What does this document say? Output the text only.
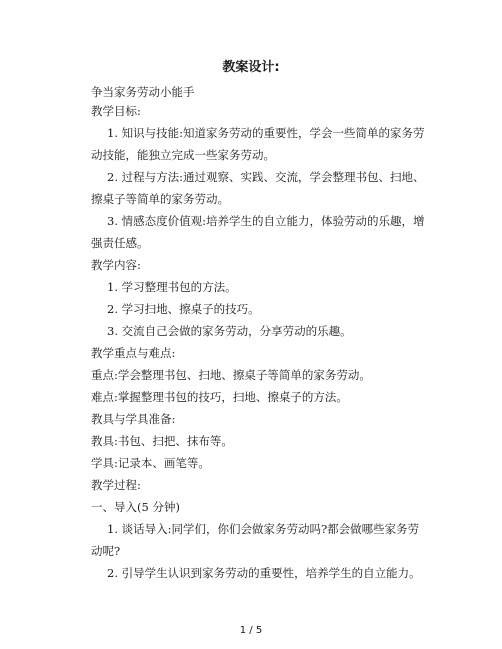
教案设计:
争当家务劳动小能手
教学目标:
1. 知识与技能:知道家务劳动的重要性，学会一些简单的家务劳
动技能，能独立完成一些家务劳动。
2. 过程与方法:通过观察、实践、交流，学会整理书包、扫地、
擦桌子等简单的家务劳动。
3. 情感态度价值观:培养学生的自立能力，体验劳动的乐趣，增
强责任感。
教学内容:
1. 学习整理书包的方法。
2. 学习扫地、擦桌子的技巧。
3. 交流自己会做的家务劳动，分享劳动的乐趣。
教学重点与难点:
重点:学会整理书包、扫地、擦桌子等简单的家务劳动。
难点:掌握整理书包的技巧，扫地、擦桌子的方法。
教具与学具准备:
教具:书包、扫把、抹布等。
学具:记录本、画笔等。
教学过程:
一、导入(5 分钟)
1. 谈话导入:同学们，你们会做家务劳动吗?都会做哪些家务劳
动呢?
2. 引导学生认识到家务劳动的重要性，培养学生的自立能力。
1 / 5
